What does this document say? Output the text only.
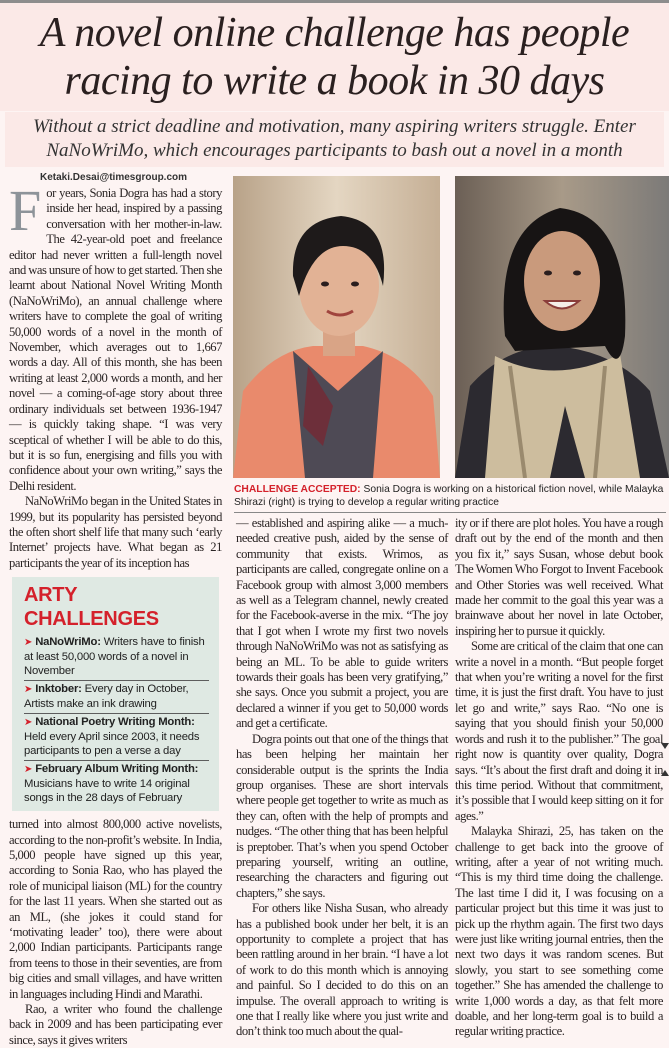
A novel online challenge has people
racing to write a book in 30 days
Without a strict deadline and motivation, many aspiring writers struggle. Enter
NaNoWriMo, which encourages participants to bash out a novel in a month
Ketaki.Desai@timesgroup.com
F or years, Sonia Dogra has had a story inside her head, inspired by a passing conversation with her mother-in-law. The 42-year-old poet and freelance editor had never written a full-length novel and was unsure of how to get started. Then she learnt about National Novel Writing Month (NaNoWriMo), an annual challenge where writers have to complete the goal of writing 50,000 words of a novel in the month of November, which averages out to 1,667 words a day. All of this month, she has been writing at least 2,000 words a month, and her novel — a coming-of-age story about three ordinary individuals set between 1936-1947 — is quickly taking shape. “I was very sceptical of whether I will be able to do this, but it is so fun, energising and fills you with confidence about your own writing,” says the Delhi resident.

NaNoWriMo began in the United States in 1999, but its popularity has persisted beyond the often short shelf life that many such ‘early Internet’ projects have. What began as 21 participants the year of its inception has

ARTY CHALLENGES
➤ NaNoWriMo: Writers have to finish at least 50,000 words of a novel in November
➤ Inktober: Every day in October, Artists make an ink drawing
➤ National Poetry Writing Month: Held every April since 2003, it needs participants to pen a verse a day
➤ February Album Writing Month: Musicians have to write 14 original songs in the 28 days of February

turned into almost 800,000 active novelists, according to the non-profit’s website. In India, 5,000 people have signed up this year, according to Sonia Rao, who has played the role of municipal liaison (ML) for the country for the last 11 years. When she started out as an ML, (she jokes it could stand for ‘motivating leader’ too), there were about 2,000 Indian participants. Participants range from teens to those in their seventies, are from big cities and small villages, and have written in languages including Hindi and Marathi.

Rao, a writer who found the challenge back in 2009 and has been participating ever since, says it gives writers

CHALLENGE ACCEPTED: Sonia Dogra is working on a historical fiction novel, while Malayka Shirazi (right) is trying to develop a regular writing practice

— established and aspiring alike — a much-needed creative push, aided by the sense of community that exists. Wrimos, as participants are called, congregate online on a Facebook group with almost 3,000 members as well as a Telegram channel, newly created for the Facebook-averse in the mix. “The joy that I got when I wrote my first two novels through NaNoWriMo was not as satisfying as being an ML. To be able to guide writers towards their goals has been very gratifying,” she says. Once you submit a project, you are declared a winner if you get to 50,000 words and get a certificate.

Dogra points out that one of the things that has been helping her maintain her considerable output is the sprints the India group organises. These are short intervals where people get together to write as much as they can, often with the help of prompts and nudges. “The other thing that has been helpful is preptober. That’s when you spend October preparing yourself, writing an outline, researching the characters and figuring out chapters,” she says.

For others like Nisha Susan, who already has a published book under her belt, it is an opportunity to complete a project that has been rattling around in her brain. “I have a lot of work to do this month which is annoying and painful. So I decided to do this on an impulse. The overall approach to writing is one that I really like where you just write and don’t think too much about the qual-

ity or if there are plot holes. You have a rough draft out by the end of the month and then you fix it,” says Susan, whose debut book The Women Who Forgot to Invent Facebook and Other Stories was well received. What made her commit to the goal this year was a brainwave about her novel in late October, inspiring her to pursue it quickly.

Some are critical of the claim that one can write a novel in a month. “But people forget that when you’re writing a novel for the first time, it is just the first draft. You have to just let go and write,” says Rao. “No one is saying that you should finish your 50,000 words and rush it to the publisher.” The goal right now is quantity over quality, Dogra says. “It’s about the first draft and doing it in this time period. Without that commitment, it’s possible that I would keep sitting on it for ages.”

Malayka Shirazi, 25, has taken on the challenge to get back into the groove of writing, after a year of not writing much. “This is my third time doing the challenge. The last time I did it, I was focusing on a particular project but this time it was just to pick up the rhythm again. The first two days were just like writing journal entries, then the next two days it was random scenes. But slowly, you start to see something come together.” She has amended the challenge to write 1,000 words a day, as that felt more doable, and her long-term goal is to build a regular writing practice.
